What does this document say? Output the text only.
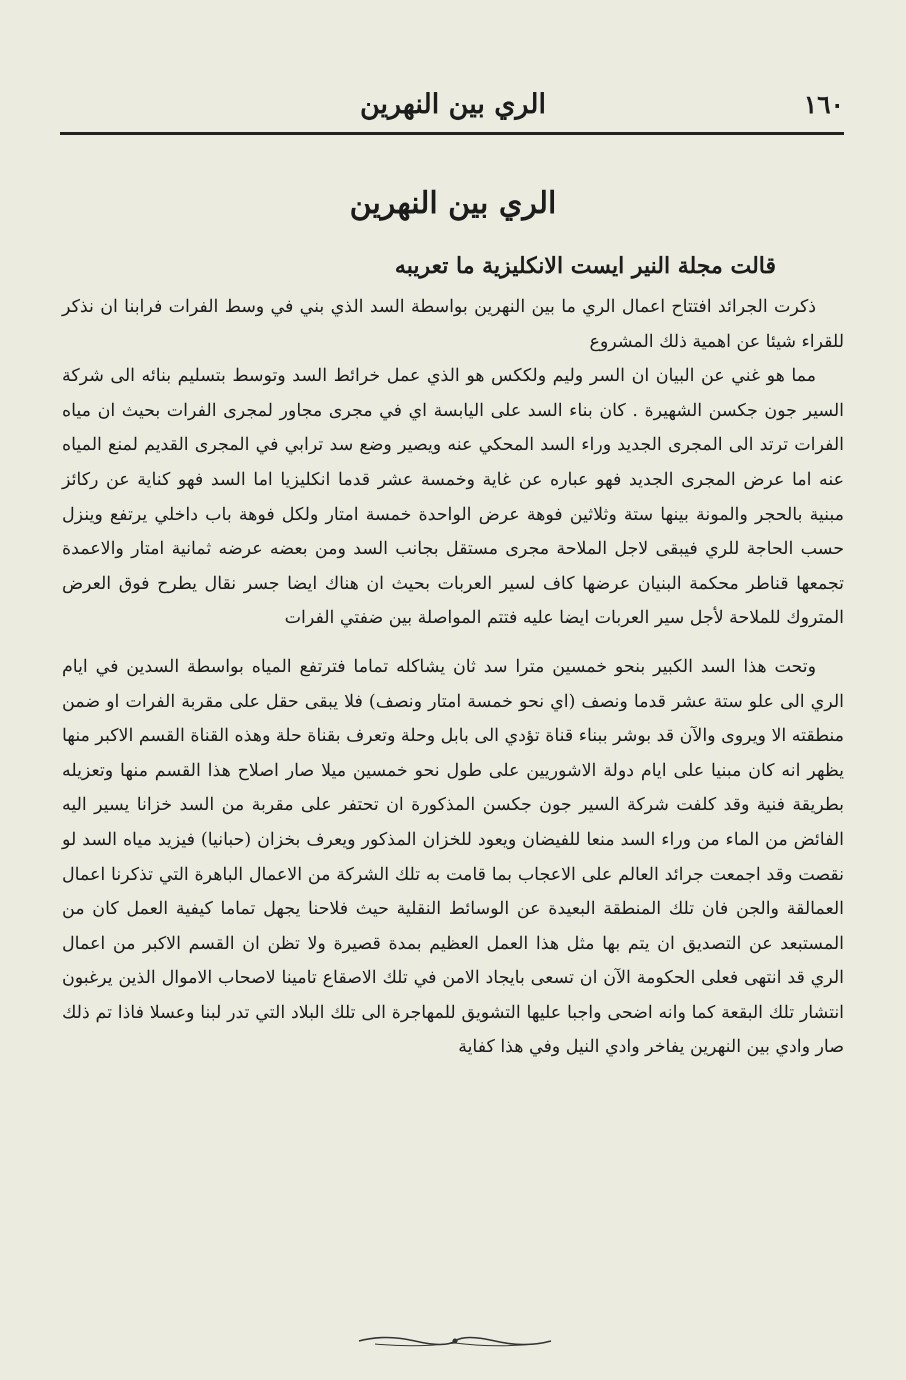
١٦٠
الري بين النهرين
الري بين النهرين
قالت مجلة النير ايست الانكليزية ما تعريبه

ذكرت الجرائد افتتاح اعمال الري ما بين النهرين بواسطة السد الذي بني في وسط الفرات فرابنا ان نذكر للقراء شيئا عن اهمية ذلك المشروع

مما هو غني عن البيان ان السر وليم ولككس هو الذي عمل خرائط السد وتوسط بتسليم بنائه الى شركة السير جون جكسن الشهيرة . كان بناء السد على اليابسة اي في مجرى مجاور لمجرى الفرات بحيث ان مياه الفرات ترتد الى المجرى الجديد وراء السد المحكي عنه ويصير وضع سد ترابي في المجرى القديم لمنع المياه عنه اما عرض المجرى الجديد فهو عباره عن غاية وخمسة عشر قدما انكليزيا اما السد فهو كناية عن ركائز مبنية بالحجر والمونة بينها ستة وثلاثين فوهة عرض الواحدة خمسة امتار ولكل فوهة باب داخلي يرتفع وينزل حسب الحاجة للري فيبقى لاجل الملاحة مجرى مستقل بجانب السد ومن بعضه عرضه ثمانية امتار والاعمدة تجمعها قناطر محكمة البنيان عرضها كاف لسير العربات بحيث ان هناك ايضا جسر نقال يطرح فوق العرض المتروك للملاحة لأجل سير العربات ايضا عليه فتتم المواصلة بين ضفتي الفرات

وتحت هذا السد الكبير بنحو خمسين مترا سد ثان يشاكله تماما فترتفع المياه بواسطة السدين في ايام الري الى علو ستة عشر قدما ونصف (اي نحو خمسة امتار ونصف) فلا يبقى حقل على مقربة الفرات او ضمن منطقته الا ويروى والآن قد بوشر ببناء قناة تؤدي الى بابل وحلة وتعرف بقناة حلة وهذه القناة القسم الاكبر منها يظهر انه كان مبنيا على ايام دولة الاشوريين على طول نحو خمسين ميلا صار اصلاح هذا القسم منها وتعزيله بطريقة فنية وقد كلفت شركة السير جون جكسن المذكورة ان تحتفر على مقربة من السد خزانا يسير اليه الفائض من الماء من وراء السد منعا للفيضان ويعود للخزان المذكور ويعرف بخزان (حبانيا) فيزيد مياه السد لو نقصت وقد اجمعت جرائد العالم على الاعجاب بما قامت به تلك الشركة من الاعمال الباهرة التي تذكرنا اعمال العمالقة والجن فان تلك المنطقة البعيدة عن الوسائط النقلية حيث فلاحنا يجهل تماما كيفية العمل كان من المستبعد عن التصديق ان يتم بها مثل هذا العمل العظيم بمدة قصيرة ولا تظن ان القسم الاكبر من اعمال الري قد انتهى فعلى الحكومة الآن ان تسعى بايجاد الامن في تلك الاصقاع تامينا لاصحاب الاموال الذين يرغبون انتشار تلك البقعة كما وانه اضحى واجبا عليها التشويق للمهاجرة الى تلك البلاد التي تدر لبنا وعسلا فاذا تم ذلك صار وادي بين النهرين يفاخر وادي النيل وفي هذا كفاية
